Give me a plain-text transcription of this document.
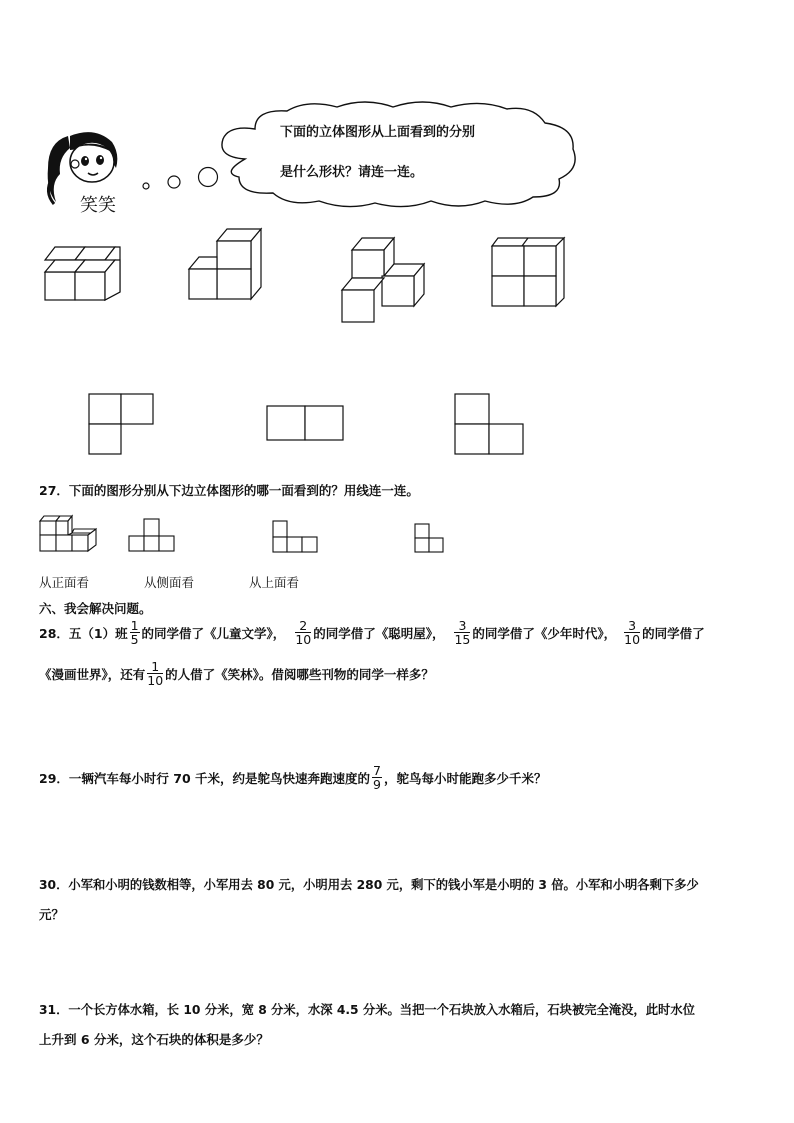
笑笑
下面的立体图形从上面看到的分别
是什么形状？请连一连。
27．下面的图形分别从下边立体图形的哪一面看到的？用线连一连。
从正面看	从侧面看	从上面看
六、我会解决问题。
28．五（1）班 $\frac{1}{5}$ 的同学借了《儿童文学》， $\frac{2}{10}$ 的同学借了《聪明屋》， $\frac{3}{15}$ 的同学借了《少年时代》， $\frac{3}{10}$ 的同学借了
《漫画世界》，还有 $\frac{1}{10}$ 的人借了《笑林》。借阅哪些刊物的同学一样多？
29．一辆汽车每小时行 70 千米，约是鸵鸟快速奔跑速度的 $\frac{7}{9}$ ，鸵鸟每小时能跑多少千米？
30．小军和小明的钱数相等，小军用去 80 元，小明用去 280 元，剩下的钱小军是小明的 3 倍。小军和小明各剩下多少
元？
31．一个长方体水箱，长 10 分米，宽 8 分米，水深 4.5 分米。当把一个石块放入水箱后，石块被完全淹没，此时水位
上升到 6 分米，这个石块的体积是多少？
